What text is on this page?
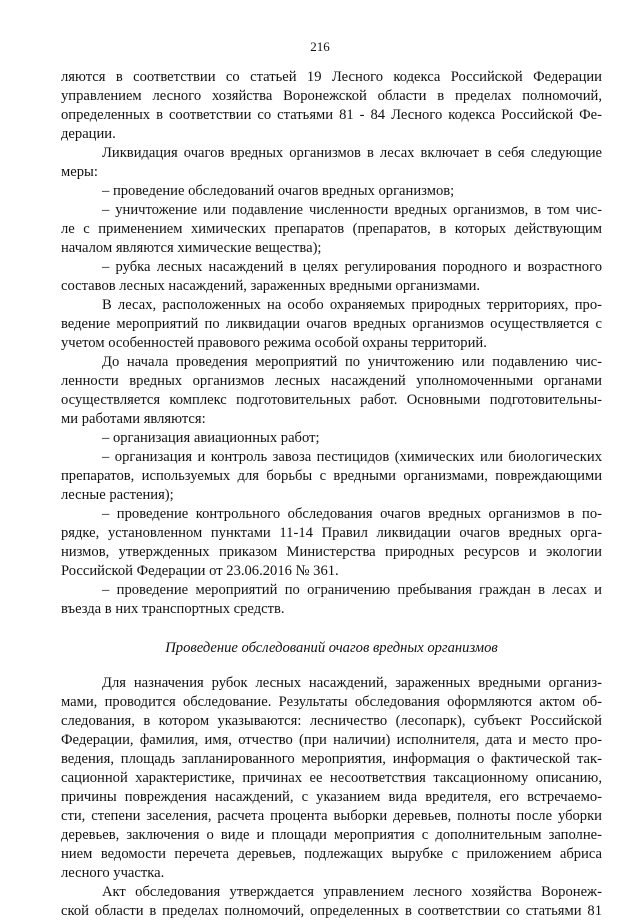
216
ляются в соответствии со статьей 19 Лесного кодекса Российской Федерации
управлением лесного хозяйства Воронежской области в пределах полномочий,
определенных в соответствии со статьями 81 - 84 Лесного кодекса Российской Фе-
дерации.
Ликвидация очагов вредных организмов в лесах включает в себя следующие
меры:
– проведение обследований очагов вредных организмов;
– уничтожение или подавление численности вредных организмов, в том чис-
ле с применением химических препаратов (препаратов, в которых действующим
началом являются химические вещества);
– рубка лесных насаждений в целях регулирования породного и возрастного
составов лесных насаждений, зараженных вредными организмами.
В лесах, расположенных на особо охраняемых природных территориях, про-
ведение мероприятий по ликвидации очагов вредных организмов осуществляется с
учетом особенностей правового режима особой охраны территорий.
До начала проведения мероприятий по уничтожению или подавлению чис-
ленности вредных организмов лесных насаждений уполномоченными органами
осуществляется комплекс подготовительных работ. Основными подготовительны-
ми работами являются:
– организация авиационных работ;
– организация и контроль завоза пестицидов (химических или биологических
препаратов, используемых для борьбы с вредными организмами, повреждающими
лесные растения);
– проведение контрольного обследования очагов вредных организмов в по-
рядке, установленном пунктами 11-14 Правил ликвидации очагов вредных орга-
низмов, утвержденных приказом Министерства природных ресурсов и экологии
Российской Федерации от 23.06.2016 № 361.
– проведение мероприятий по ограничению пребывания граждан в лесах и
въезда в них транспортных средств.
Проведение обследований очагов вредных организмов
Для назначения рубок лесных насаждений, зараженных вредными организ-
мами, проводится обследование. Результаты обследования оформляются актом об-
следования, в котором указываются: лесничество (лесопарк), субъект Российской
Федерации, фамилия, имя, отчество (при наличии) исполнителя, дата и место про-
ведения, площадь запланированного мероприятия, информация о фактической так-
сационной характеристике, причинах ее несоответствия таксационному описанию,
причины повреждения насаждений, с указанием вида вредителя, его встречаемо-
сти, степени заселения, расчета процента выборки деревьев, полноты после уборки
деревьев, заключения о виде и площади мероприятия с дополнительным заполне-
нием ведомости перечета деревьев, подлежащих вырубке с приложением абриса
лесного участка.
Акт обследования утверждается управлением лесного хозяйства Воронеж-
ской области в пределах полномочий, определенных в соответствии со статьями 81
